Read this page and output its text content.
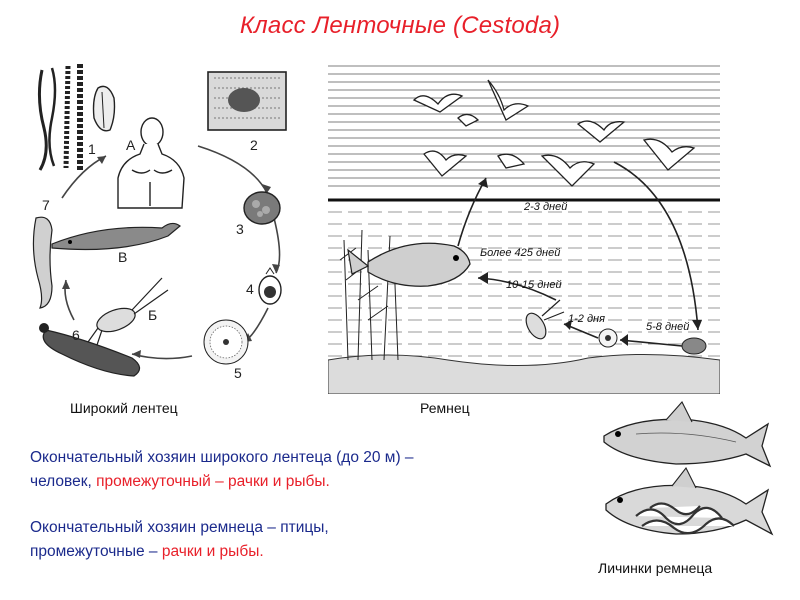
Класс Ленточные (Cestoda)
1	2
3
4
5
6
7
А
Б
В
Широкий лентец
2-3 дней
Более 425 дней
10-15 дней
1-2 дня
5-8 дней
Ремнец
Личинки ремнеца
Окончательный хозяин широкого лентеца (до 20 м) –
человек, промежуточный – рачки и рыбы.
Окончательный хозяин ремнеца – птицы,
промежуточные – рачки и рыбы.
